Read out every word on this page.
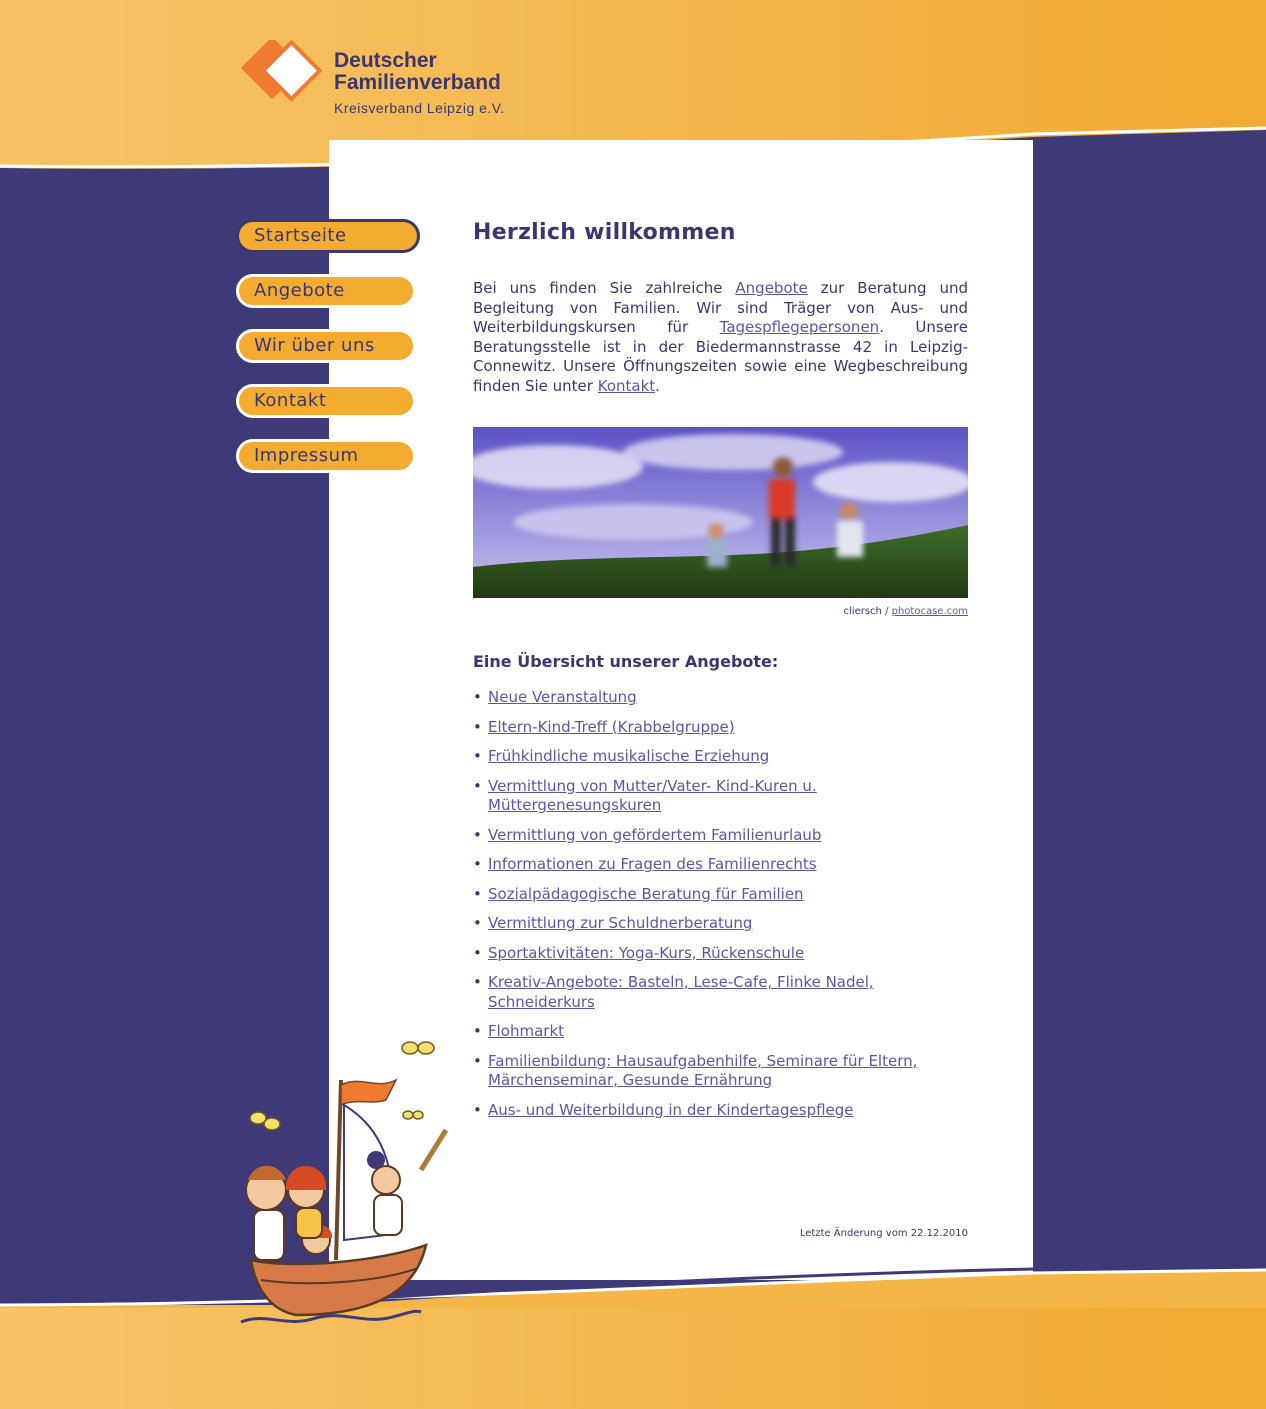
Deutscher
Familienverband
Kreisverband Leipzig e.V.
Startseite
Angebote
Wir über uns
Kontakt
Impressum
Herzlich willkommen

Bei uns finden Sie zahlreiche Angebote zur Beratung und Begleitung von Familien. Wir sind Träger von Aus- und Weiterbildungskursen für Tagespflegepersonen. Unsere Beratungsstelle ist in der Biedermannstrasse 42 in Leipzig-Connewitz. Unsere Öffnungszeiten sowie eine Wegbeschreibung finden Sie unter Kontakt.

cliersch / photocase.com
Eine Übersicht unserer Angebote:
• Neue Veranstaltung
• Eltern-Kind-Treff (Krabbelgruppe)
• Frühkindliche musikalische Erziehung
• Vermittlung von Mutter/Vater- Kind-Kuren u. Müttergenesungskuren
• Vermittlung von gefördertem Familienurlaub
• Informationen zu Fragen des Familienrechts
• Sozialpädagogische Beratung für Familien
• Vermittlung zur Schuldnerberatung
• Sportaktivitäten: Yoga-Kurs, Rückenschule
• Kreativ-Angebote: Basteln, Lese-Cafe, Flinke Nadel, Schneiderkurs
• Flohmarkt
• Familienbildung: Hausaufgabenhilfe, Seminare für Eltern, Märchenseminar, Gesunde Ernährung
• Aus- und Weiterbildung in der Kindertagespflege
Letzte Änderung vom 22.12.2010
